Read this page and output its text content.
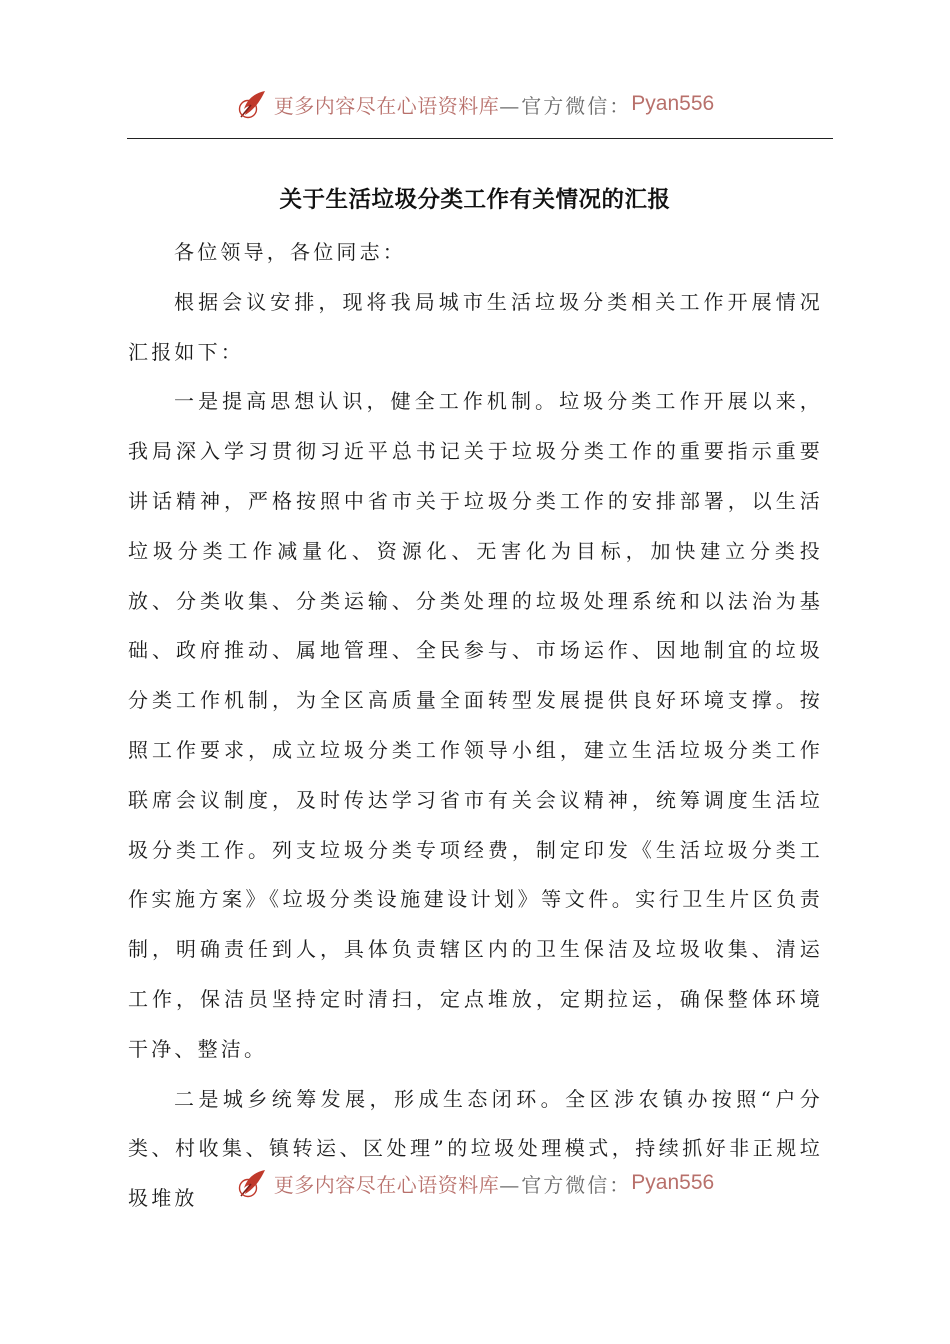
更多内容尽在心语资料库 —官方微信： Pyan556
关于生活垃圾分类工作有关情况的汇报

各位领导，各位同志：

根据会议安排，现将我局城市生活垃圾分类相关工作开展情况汇报如下：

一是提高思想认识，健全工作机制。垃圾分类工作开展以来，我局深入学习贯彻习近平总书记关于垃圾分类工作的重要指示重要讲话精神，严格按照中省市关于垃圾分类工作的安排部署，以生活垃圾分类工作减量化、资源化、无害化为目标，加快建立分类投放、分类收集、分类运输、分类处理的垃圾处理系统和以法治为基础、政府推动、属地管理、全民参与、市场运作、因地制宜的垃圾分类工作机制，为全区高质量全面转型发展提供良好环境支撑。按照工作要求，成立垃圾分类工作领导小组，建立生活垃圾分类工作联席会议制度，及时传达学习省市有关会议精神，统筹调度生活垃圾分类工作。列支垃圾分类专项经费，制定印发《生活垃圾分类工作实施方案》《垃圾分类设施建设计划》等文件。实行卫生片区负责制，明确责任到人，具体负责辖区内的卫生保洁及垃圾收集、清运工作，保洁员坚持定时清扫，定点堆放，定期拉运，确保整体环境干净、整洁。

二是城乡统筹发展，形成生态闭环。全区涉农镇办按照“户分类、村收集、镇转运、区处理”的垃圾处理模式，持续抓好非正规垃圾堆放

更多内容尽在心语资料库 —官方微信： Pyan556
